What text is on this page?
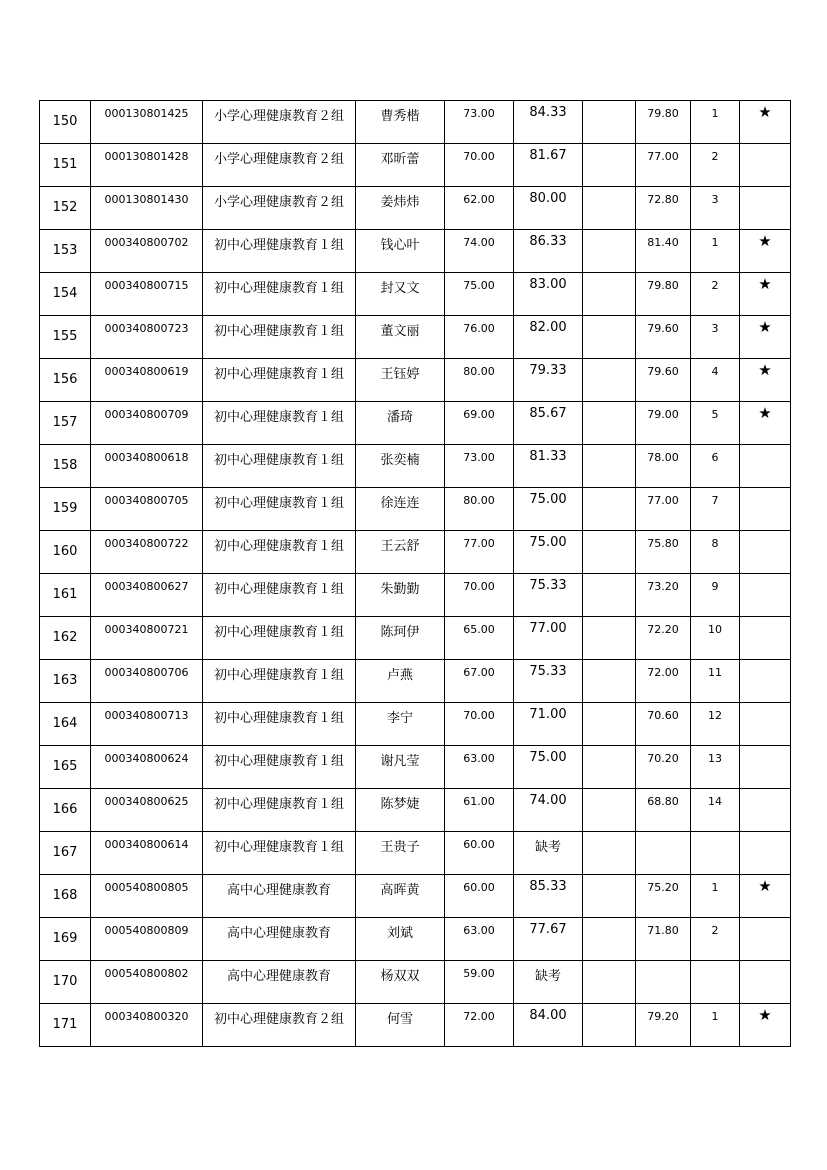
150	000130801425	小学心理健康教育２组	曹秀楷	73.00	84.33		79.80	1	★
151	000130801428	小学心理健康教育２组	邓昕蕾	70.00	81.67		77.00	2	
152	000130801430	小学心理健康教育２组	姜炜炜	62.00	80.00		72.80	3	
153	000340800702	初中心理健康教育１组	钱心叶	74.00	86.33		81.40	1	★
154	000340800715	初中心理健康教育１组	封又文	75.00	83.00		79.80	2	★
155	000340800723	初中心理健康教育１组	董文丽	76.00	82.00		79.60	3	★
156	000340800619	初中心理健康教育１组	王钰婷	80.00	79.33		79.60	4	★
157	000340800709	初中心理健康教育１组	潘琦	69.00	85.67		79.00	5	★
158	000340800618	初中心理健康教育１组	张奕楠	73.00	81.33		78.00	6	
159	000340800705	初中心理健康教育１组	徐连连	80.00	75.00		77.00	7	
160	000340800722	初中心理健康教育１组	王云舒	77.00	75.00		75.80	8	
161	000340800627	初中心理健康教育１组	朱勤勤	70.00	75.33		73.20	9	
162	000340800721	初中心理健康教育１组	陈珂伊	65.00	77.00		72.20	10	
163	000340800706	初中心理健康教育１组	卢燕	67.00	75.33		72.00	11	
164	000340800713	初中心理健康教育１组	李宁	70.00	71.00		70.60	12	
165	000340800624	初中心理健康教育１组	谢凡莹	63.00	75.00		70.20	13	
166	000340800625	初中心理健康教育１组	陈梦婕	61.00	74.00		68.80	14	
167	000340800614	初中心理健康教育１组	王贵子	60.00	缺考				
168	000540800805	高中心理健康教育	高晖黄	60.00	85.33		75.20	1	★
169	000540800809	高中心理健康教育	刘斌	63.00	77.67		71.80	2	
170	000540800802	高中心理健康教育	杨双双	59.00	缺考				
171	000340800320	初中心理健康教育２组	何雪	72.00	84.00		79.20	1	★
